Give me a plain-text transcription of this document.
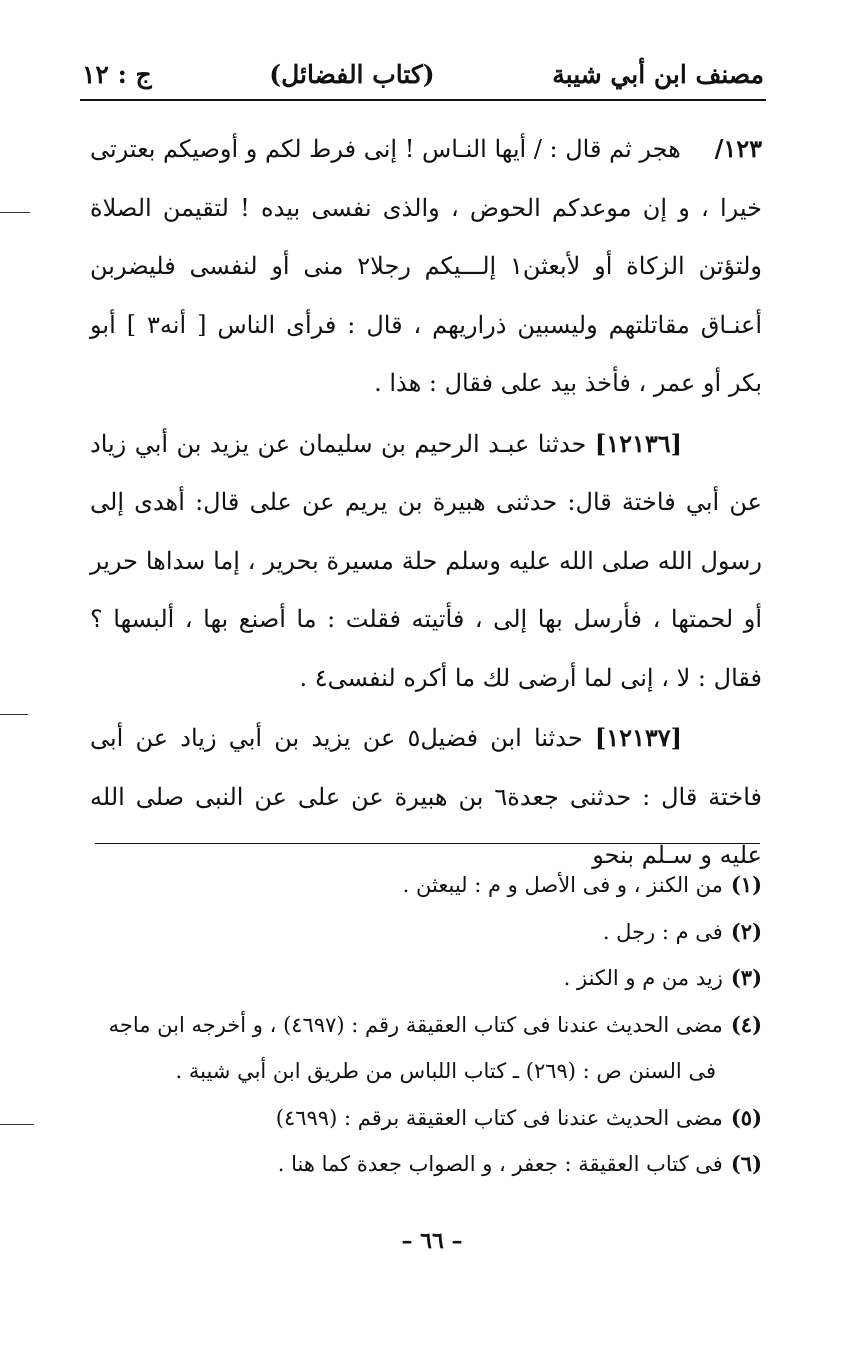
مصنف ابن أبي شيبة
(كتاب الفضائل)
ج : ١٢
١٢٣/
هجر ثم قال : / أيها النـاس ! إنى فرط لكم و أوصيكم بعترتى
خيرا ، و إن موعدكم الحوض ، والذى نفسى بيده ! لتقيمن الصلاة ولتؤتن الزكاة أو لأبعثن١ إلـــيكم رجلا٢ منى أو لنفسى فليضربن أعنـاق مقاتلتهم وليسبين ذراريهم ، قال : فرأى الناس [ أنه٣ ] أبو بكر أو عمر ، فأخذ بيد على فقال : هذا .

[١٢١٣٦] حدثنا عبـد الرحيم بن سليمان عن يزيد بن أبي زياد عن أبي فاختة قال: حدثنى هبيرة بن يريم عن على قال: أهدى إلى رسول الله صلى الله عليه وسلم حلة مسيرة بحرير ، إما سداها حرير أو لحمتها ، فأرسل بها إلى ، فأتيته فقلت : ما أصنع بها ، ألبسها ؟ فقال : لا ، إنى لما أرضى لك ما أكره لنفسى٤ .

[١٢١٣٧] حدثنا ابن فضيل٥ عن يزيد بن أبي زياد عن أبى فاختة قال : حدثنى جعدة٦ بن هبيرة عن على عن النبى صلى الله عليه و سـلم بنحو

(١)من الكنز ، و فى الأصل و م : ليبعثن .

(٢)فى م : رجل .

(٣)زيد من م و الكنز .

(٤)مضى الحديث عندنا فى كتاب العقيقة رقم : (٤٦٩٧) ، و أخرجه ابن ماجه

فى السنن ص : (٢٦٩) ـ كتاب اللباس من طريق ابن أبي شيبة .

(٥)مضى الحديث عندنا فى كتاب العقيقة برقم : (٤٦٩٩)

(٦)فى كتاب العقيقة : جعفر ، و الصواب جعدة كما هنا .

– ٦٦ –
